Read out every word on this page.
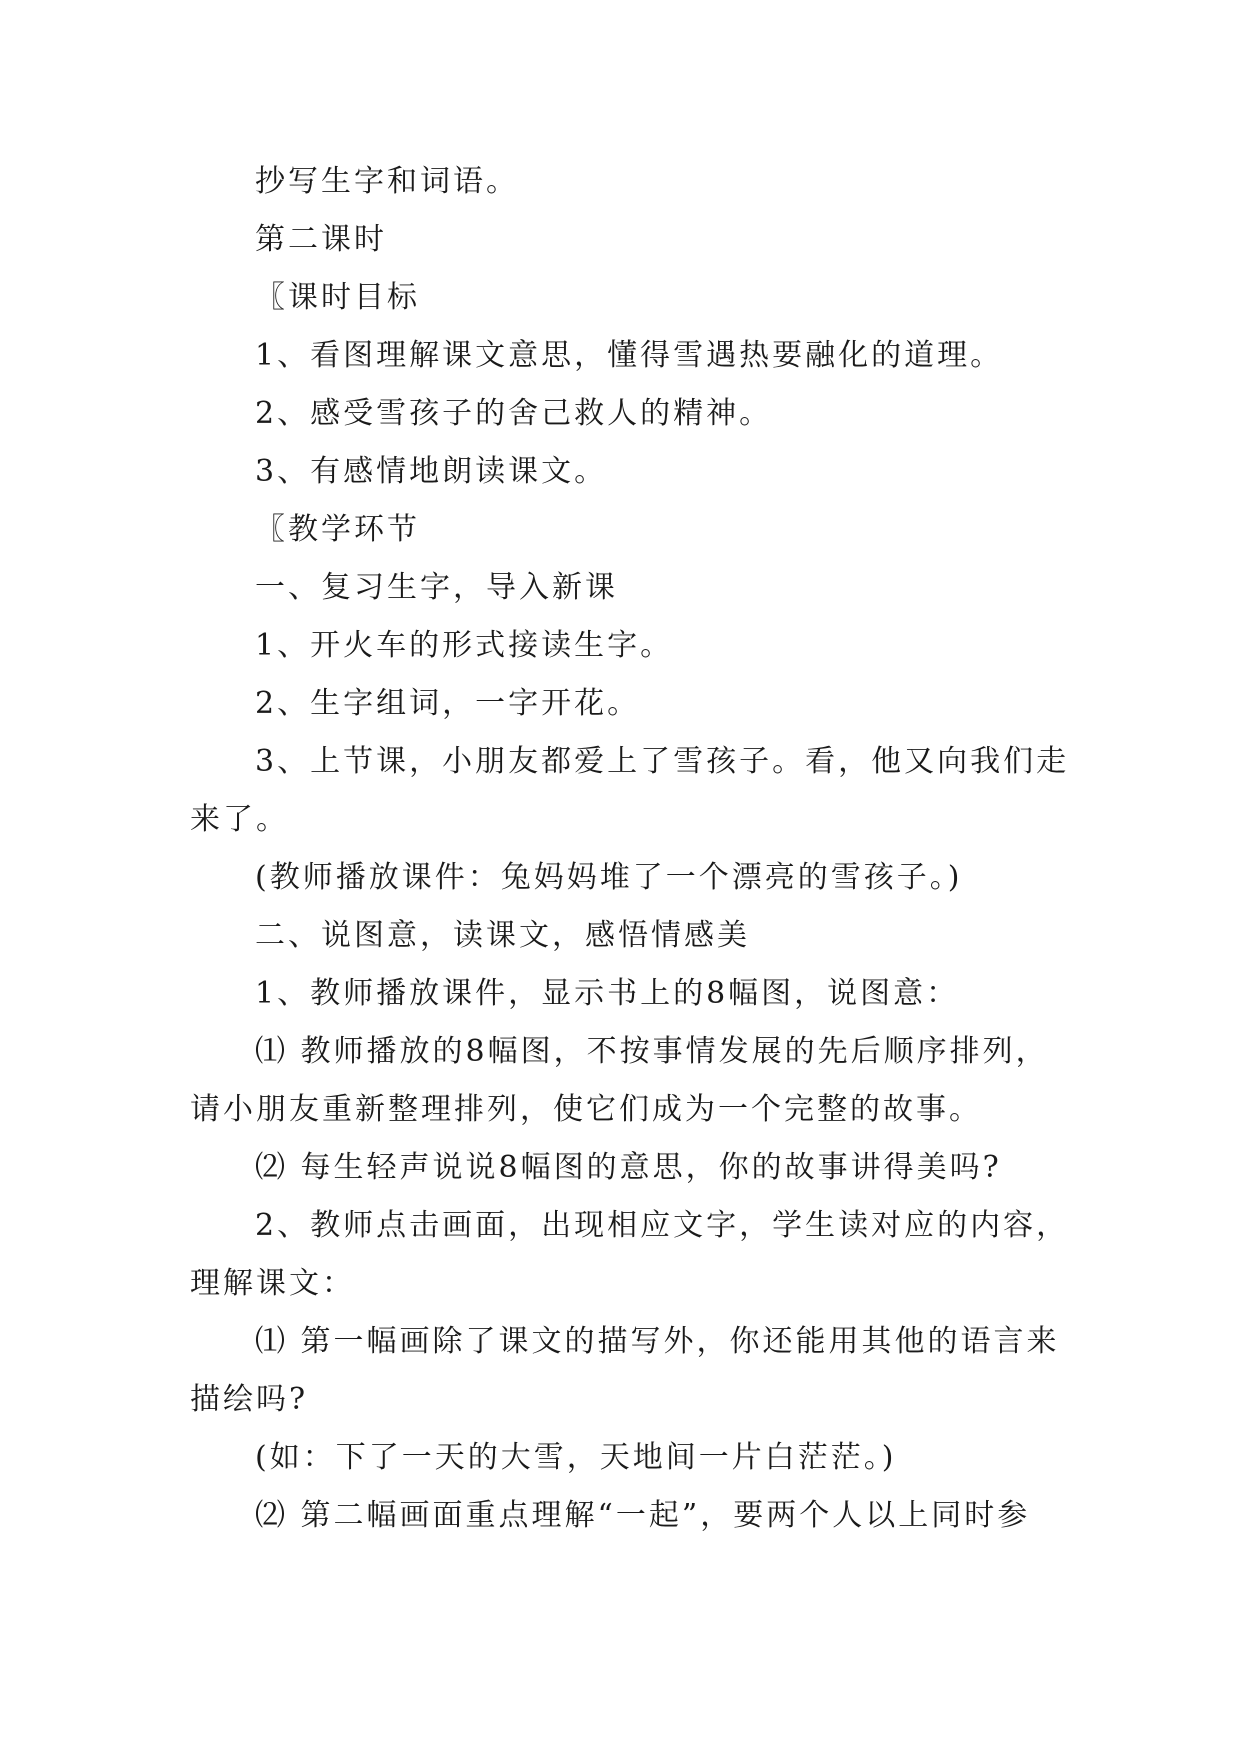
抄写生字和词语。

第二课时

〖课时目标

1、看图理解课文意思，懂得雪遇热要融化的道理。

2、感受雪孩子的舍己救人的精神。

3、有感情地朗读课文。

〖教学环节

一、复习生字，导入新课

1、开火车的形式接读生字。

2、生字组词，一字开花。

3、上节课，小朋友都爱上了雪孩子。看，他又向我们走来了。

(教师播放课件：兔妈妈堆了一个漂亮的雪孩子。)

二、说图意，读课文，感悟情感美

1、教师播放课件，显示书上的8幅图，说图意：

⑴ 教师播放的8幅图，不按事情发展的先后顺序排列，请小朋友重新整理排列，使它们成为一个完整的故事。

⑵ 每生轻声说说8幅图的意思，你的故事讲得美吗?

2、教师点击画面，出现相应文字，学生读对应的内容，理解课文：

⑴ 第一幅画除了课文的描写外，你还能用其他的语言来描绘吗?

(如：下了一天的大雪，天地间一片白茫茫。)

⑵ 第二幅画面重点理解“一起”，要两个人以上同时参
